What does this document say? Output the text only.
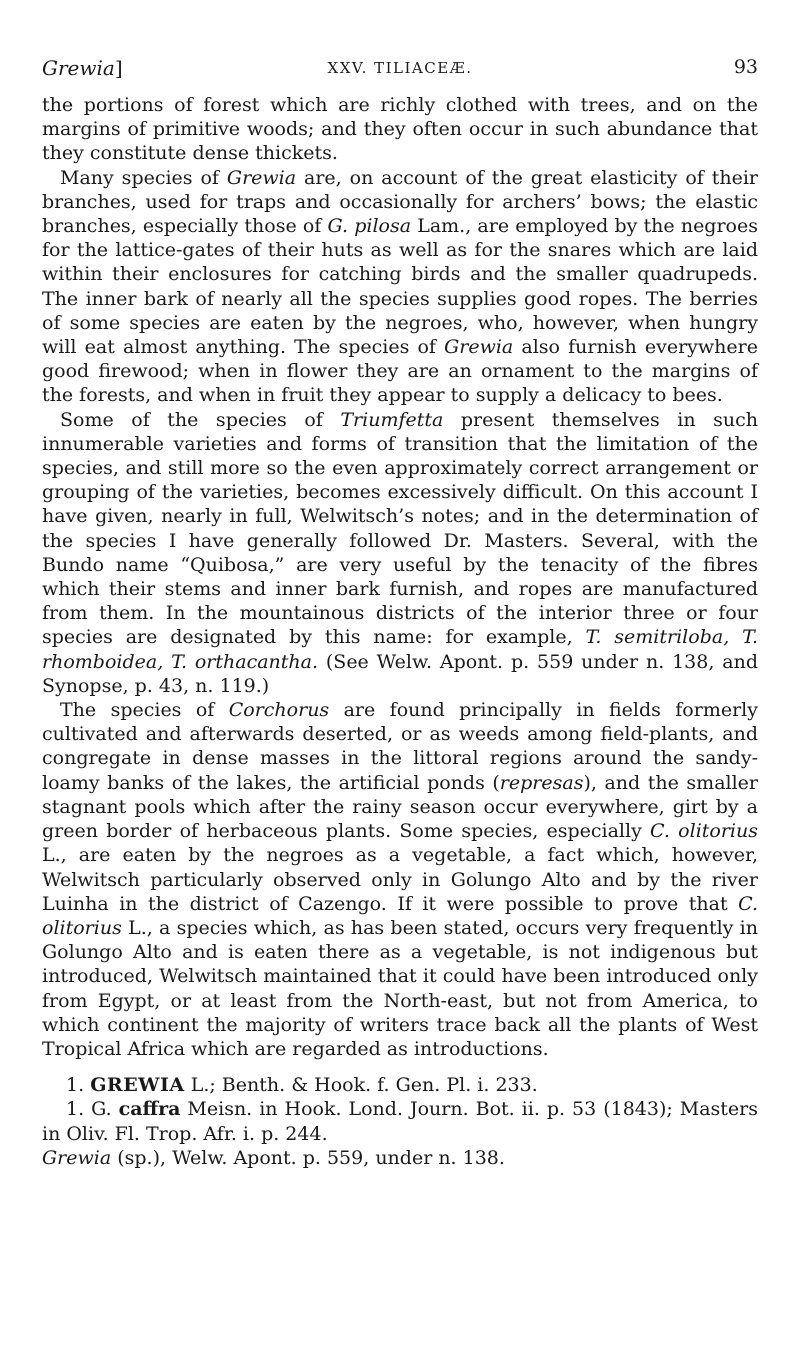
Grewia]	XXV. TILIACEÆ.	93

the portions of forest which are richly clothed with trees, and on the margins of primitive woods; and they often occur in such abundance that they constitute dense thickets.

Many species of Grewia are, on account of the great elasticity of their branches, used for traps and occasionally for archers’ bows; the elastic branches, especially those of G. pilosa Lam., are employed by the negroes for the lattice-gates of their huts as well as for the snares which are laid within their enclosures for catching birds and the smaller quadrupeds. The inner bark of nearly all the species supplies good ropes. The berries of some species are eaten by the negroes, who, however, when hungry will eat almost anything. The species of Grewia also furnish everywhere good firewood; when in flower they are an ornament to the margins of the forests, and when in fruit they appear to supply a delicacy to bees.

Some of the species of Triumfetta present themselves in such innumerable varieties and forms of transition that the limitation of the species, and still more so the even approximately correct arrangement or grouping of the varieties, becomes excessively difficult. On this account I have given, nearly in full, Welwitsch’s notes; and in the determination of the species I have generally followed Dr. Masters. Several, with the Bundo name “Quibosa,” are very useful by the tenacity of the fibres which their stems and inner bark furnish, and ropes are manufactured from them. In the mountainous districts of the interior three or four species are designated by this name: for example, T. semitriloba, T. rhomboidea, T. orthacantha. (See Welw. Apont. p. 559 under n. 138, and Synopse, p. 43, n. 119.)

The species of Corchorus are found principally in fields formerly cultivated and afterwards deserted, or as weeds among field-plants, and congregate in dense masses in the littoral regions around the sandy-loamy banks of the lakes, the artificial ponds (represas), and the smaller stagnant pools which after the rainy season occur everywhere, girt by a green border of herbaceous plants. Some species, especially C. olitorius L., are eaten by the negroes as a vegetable, a fact which, however, Welwitsch particularly observed only in Golungo Alto and by the river Luinha in the district of Cazengo. If it were possible to prove that C. olitorius L., a species which, as has been stated, occurs very frequently in Golungo Alto and is eaten there as a vegetable, is not indigenous but introduced, Welwitsch maintained that it could have been introduced only from Egypt, or at least from the North-east, but not from America, to which continent the majority of writers trace back all the plants of West Tropical Africa which are regarded as introductions.

1. GREWIA L.; Benth. & Hook. f. Gen. Pl. i. 233.

1. G. caffra Meisn. in Hook. Lond. Journ. Bot. ii. p. 53 (1843); Masters in Oliv. Fl. Trop. Afr. i. p. 244.

Grewia (sp.), Welw. Apont. p. 559, under n. 138.
